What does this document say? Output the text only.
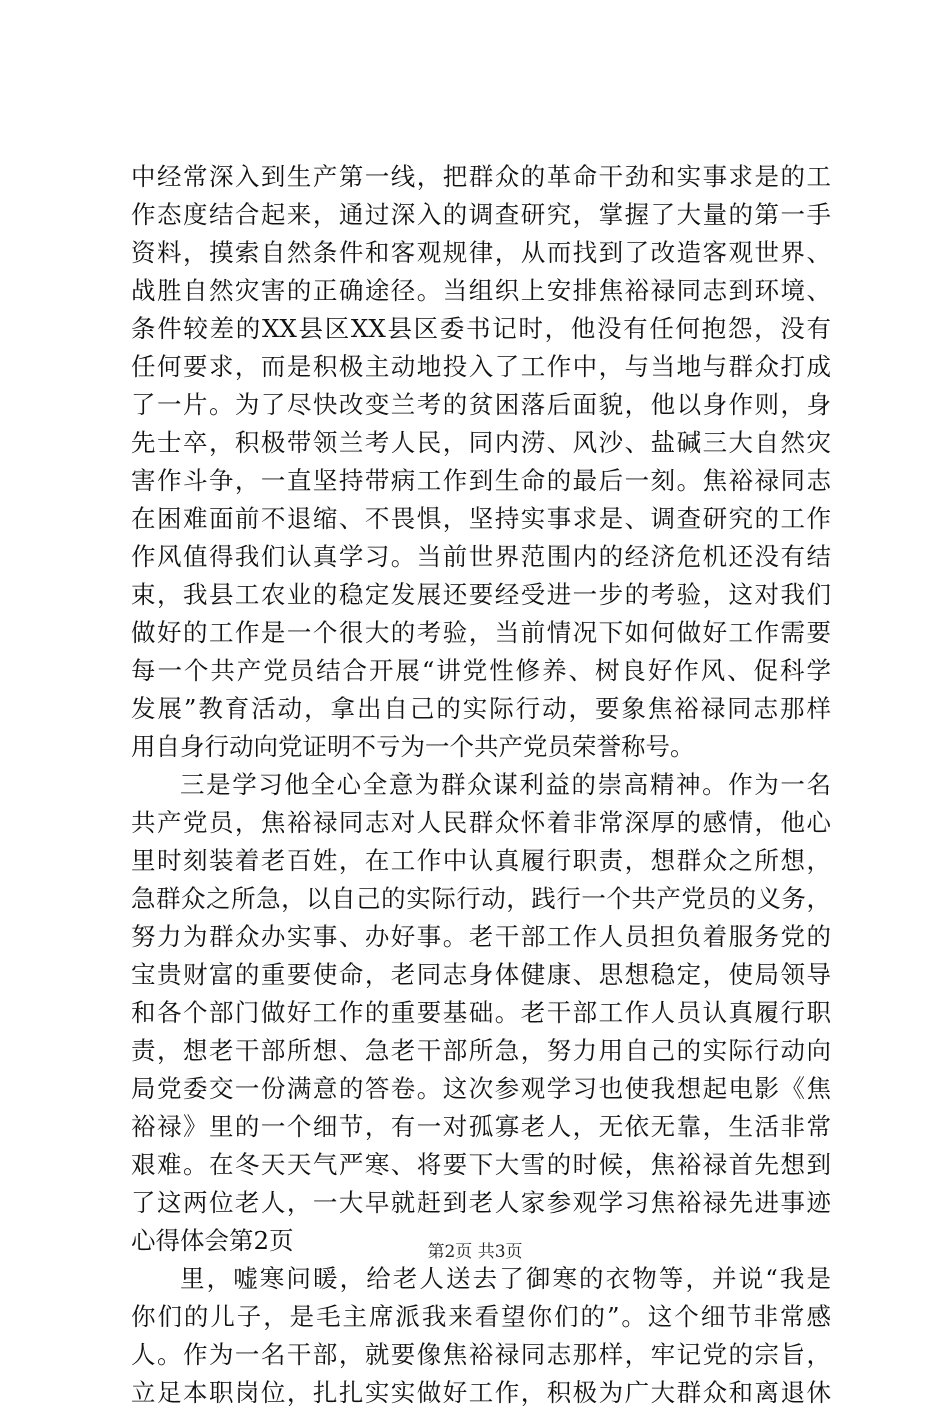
中经常深入到生产第一线，把群众的革命干劲和实事求是的工
作态度结合起来，通过深入的调查研究，掌握了大量的第一手
资料，摸索自然条件和客观规律，从而找到了改造客观世界、
战胜自然灾害的正确途径。当组织上安排焦裕禄同志到环境、
条件较差的XX县区XX县区委书记时，他没有任何抱怨，没有
任何要求，而是积极主动地投入了工作中，与当地与群众打成
了一片。为了尽快改变兰考的贫困落后面貌，他以身作则，身
先士卒，积极带领兰考人民，同内涝、风沙、盐碱三大自然灾
害作斗争，一直坚持带病工作到生命的最后一刻。焦裕禄同志
在困难面前不退缩、不畏惧，坚持实事求是、调查研究的工作
作风值得我们认真学习。当前世界范围内的经济危机还没有结
束，我县工农业的稳定发展还要经受进一步的考验，这对我们
做好的工作是一个很大的考验，当前情况下如何做好工作需要
每一个共产党员结合开展“讲党性修养、树良好作风、促科学
发展”教育活动，拿出自己的实际行动，要象焦裕禄同志那样
用自身行动向党证明不亏为一个共产党员荣誉称号。
三是学习他全心全意为群众谋利益的崇高精神。作为一名
共产党员，焦裕禄同志对人民群众怀着非常深厚的感情，他心
里时刻装着老百姓，在工作中认真履行职责，想群众之所想，
急群众之所急，以自己的实际行动，践行一个共产党员的义务，
努力为群众办实事、办好事。老干部工作人员担负着服务党的
宝贵财富的重要使命，老同志身体健康、思想稳定，使局领导
和各个部门做好工作的重要基础。老干部工作人员认真履行职
责，想老干部所想、急老干部所急，努力用自己的实际行动向
局党委交一份满意的答卷。这次参观学习也使我想起电影《焦
裕禄》里的一个细节，有一对孤寡老人，无依无靠，生活非常
艰难。在冬天天气严寒、将要下大雪的时候，焦裕禄首先想到
了这两位老人，一大早就赶到老人家参观学习焦裕禄先进事迹
心得体会第2页
里，嘘寒问暖，给老人送去了御寒的衣物等，并说“我是
你们的儿子，是毛主席派我来看望你们的”。这个细节非常感
人。作为一名干部，就要像焦裕禄同志那样，牢记党的宗旨，
立足本职岗位，扎扎实实做好工作，积极为广大群众和离退休
第2页 共3页
